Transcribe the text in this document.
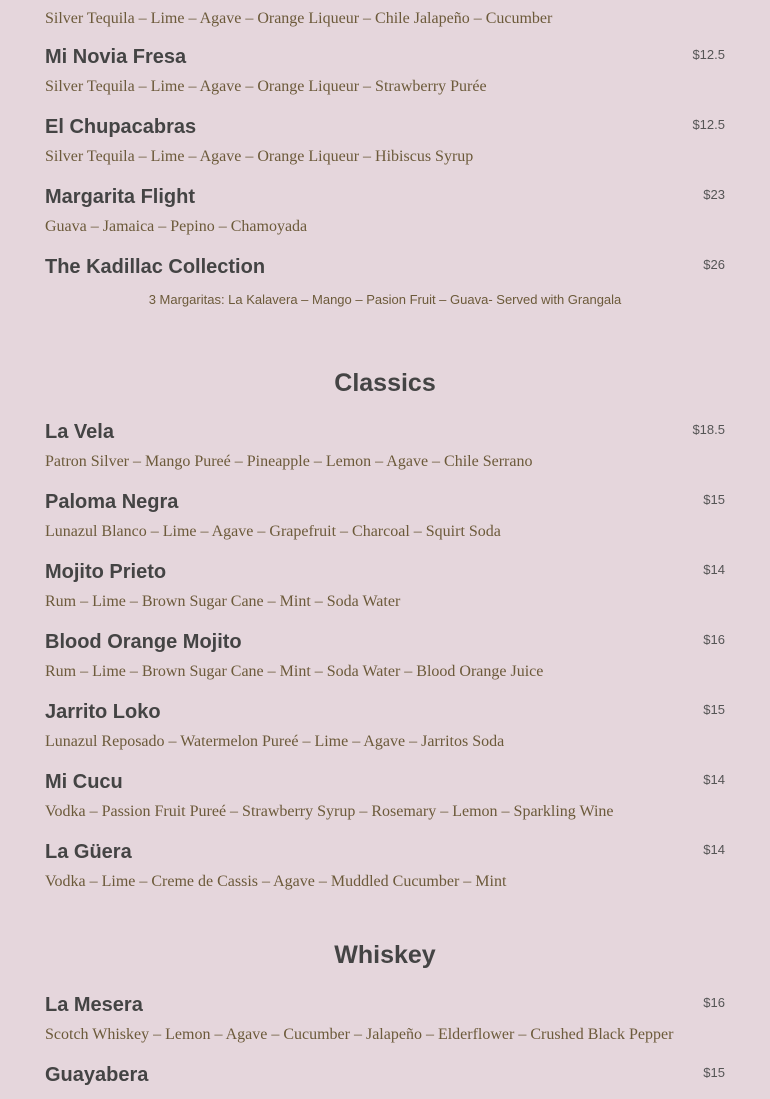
Silver Tequila – Lime – Agave – Orange Liqueur – Chile Jalapeño – Cucumber
Mi Novia Fresa	$12.5
Silver Tequila – Lime – Agave – Orange Liqueur – Strawberry Purée
El Chupacabras	$12.5
Silver Tequila – Lime – Agave – Orange Liqueur – Hibiscus Syrup
Margarita Flight	$23
Guava – Jamaica – Pepino – Chamoyada
The Kadillac Collection	$26
3 Margaritas: La Kalavera – Mango – Pasion Fruit – Guava- Served with Grangala
Classics
La Vela	$18.5
Patron Silver – Mango Pureé – Pineapple – Lemon – Agave – Chile Serrano
Paloma Negra	$15
Lunazul Blanco – Lime – Agave – Grapefruit – Charcoal – Squirt Soda
Mojito Prieto	$14
Rum – Lime – Brown Sugar Cane – Mint – Soda Water
Blood Orange Mojito	$16
Rum – Lime – Brown Sugar Cane – Mint – Soda Water – Blood Orange Juice
Jarrito Loko	$15
Lunazul Reposado – Watermelon Pureé – Lime – Agave – Jarritos Soda
Mi Cucu	$14
Vodka – Passion Fruit Pureé – Strawberry Syrup – Rosemary – Lemon – Sparkling Wine
La Güera	$14
Vodka – Lime – Creme de Cassis – Agave – Muddled Cucumber – Mint
Whiskey
La Mesera	$16
Scotch Whiskey – Lemon – Agave – Cucumber – Jalapeño – Elderflower – Crushed Black Pepper
Guayabera	$15
